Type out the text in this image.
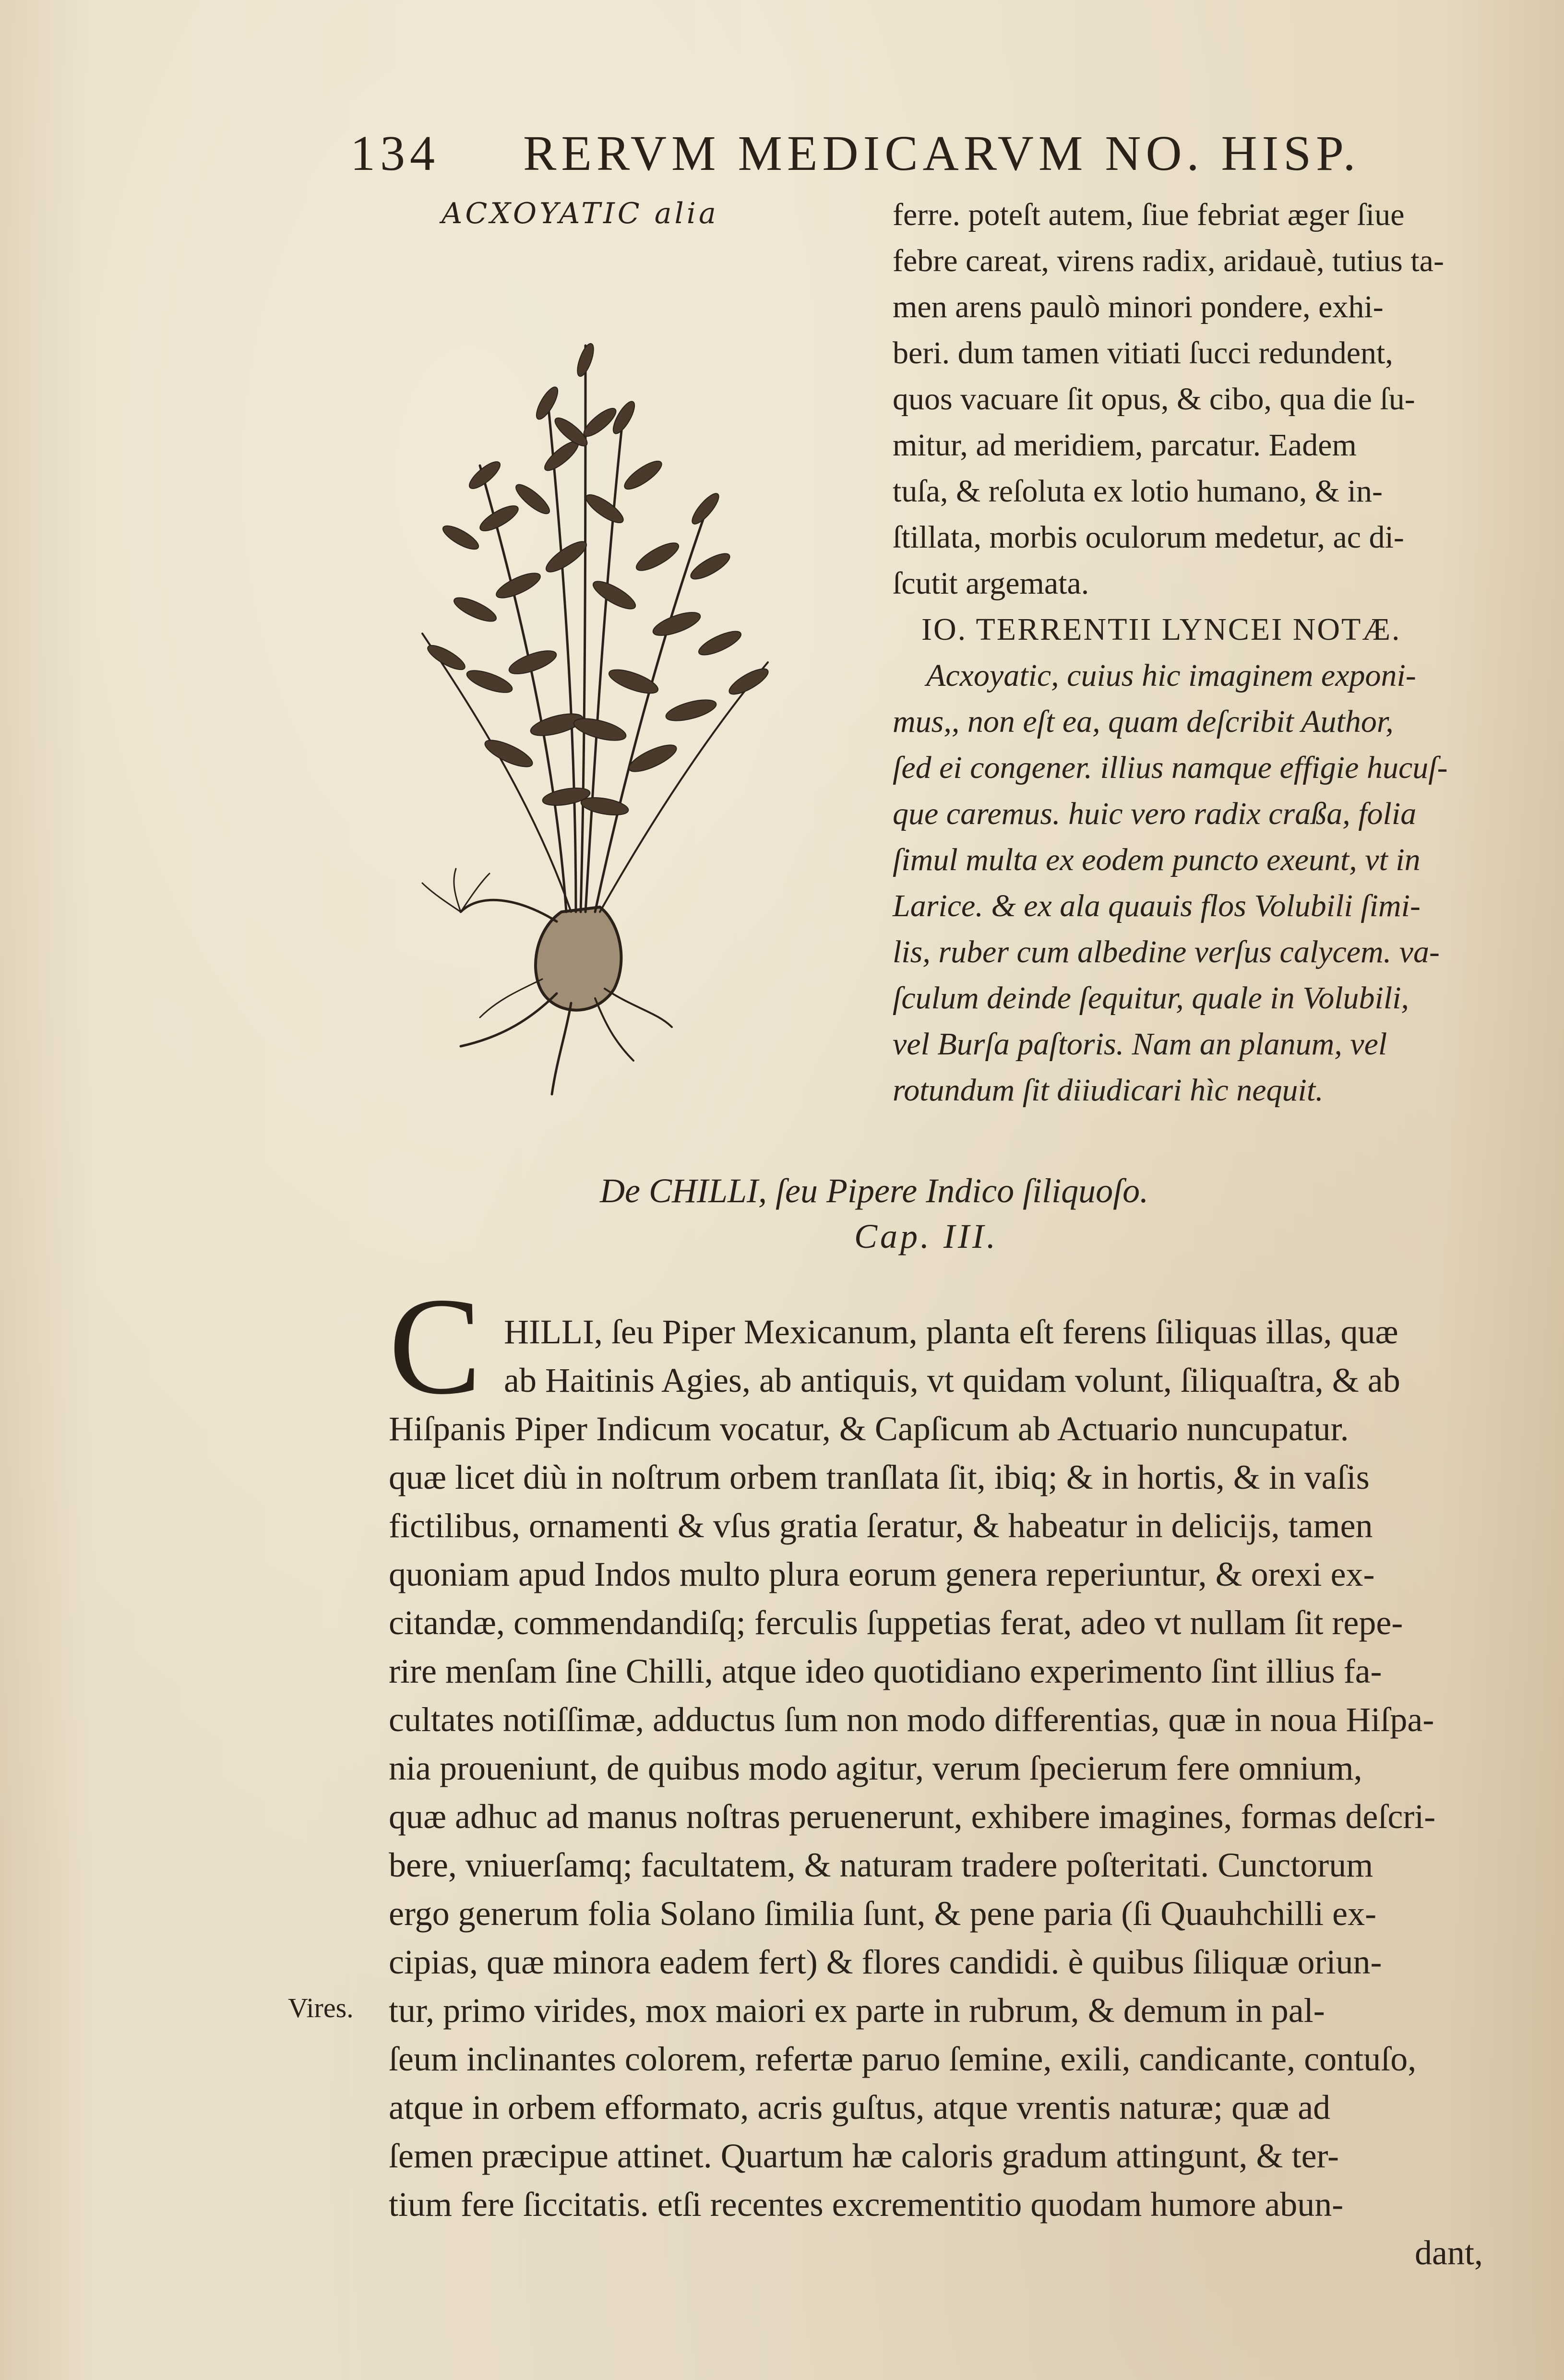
134 RERVM MEDICARVM NO. HISP.
ACXOYATIC alia	ferre. poteſt autem, ſiue febriat æger ſiue

febre careat, virens radix, aridauè, tutius ta-

men arens paulò minori pondere, exhi-

beri. dum tamen vitiati ſucci redundent,

quos vacuare ſit opus, & cibo, qua die ſu-

mitur, ad meridiem, parcatur. Eadem

tuſa, & reſoluta ex lotio humano, & in-

ſtillata, morbis oculorum medetur, ac di-

ſcutit argemata.

IO. TERRENTII LYNCEI NOTÆ.

Acxoyatic, cuius hic imaginem exponi-

mus,, non eſt ea, quam deſcribit Author,

ſed ei congener. illius namque effigie hucuſ-

que caremus. huic vero radix craßa, folia

ſimul multa ex eodem puncto exeunt, vt in

Larice. & ex ala quauis flos Volubili ſimi-

lis, ruber cum albedine verſus calycem. va-

ſculum deinde ſequitur, quale in Volubili,

vel Burſa paſtoris. Nam an planum, vel

rotundum ſit diiudicari hìc nequit.

De CHILLI, ſeu Pipere Indico ſiliquoſo.
Cap. III.
C HILLI, ſeu Piper Mexicanum, planta eſt ferens ſiliquas illas, quæ

ab Haitinis Agies, ab antiquis, vt quidam volunt, ſiliquaſtra, & ab

Hiſpanis Piper Indicum vocatur, & Capſicum ab Actuario nuncupatur.

quæ licet diù in noſtrum orbem tranſlata ſit, ibiq; & in hortis, & in vaſis

fictilibus, ornamenti & vſus gratia ſeratur, & habeatur in delicijs, tamen

quoniam apud Indos multo plura eorum genera reperiuntur, & orexi ex-

citandæ, commendandiſq; ferculis ſuppetias ferat, adeo vt nullam ſit repe-

rire menſam ſine Chilli, atque ideo quotidiano experimento ſint illius fa-

cultates notiſſimæ, adductus ſum non modo differentias, quæ in noua Hiſpa-

nia proueniunt, de quibus modo agitur, verum ſpecierum fere omnium,

quæ adhuc ad manus noſtras peruenerunt, exhibere imagines, formas deſcri-

bere, vniuerſamq; facultatem, & naturam tradere poſteritati. Cunctorum

ergo generum folia Solano ſimilia ſunt, & pene paria (ſi Quauhchilli ex-

cipias, quæ minora eadem fert) & flores candidi. è quibus ſiliquæ oriun-

tur, primo virides, mox maiori ex parte in rubrum, & demum in pal-

ſeum inclinantes colorem, refertæ paruo ſemine, exili, candicante, contuſo,

atque in orbem efformato, acris guſtus, atque vrentis naturæ; quæ ad

ſemen præcipue attinet. Quartum hæ caloris gradum attingunt, & ter-

tium fere ſiccitatis. etſi recentes excrementitio quodam humore abun-

dant,

Vires.
